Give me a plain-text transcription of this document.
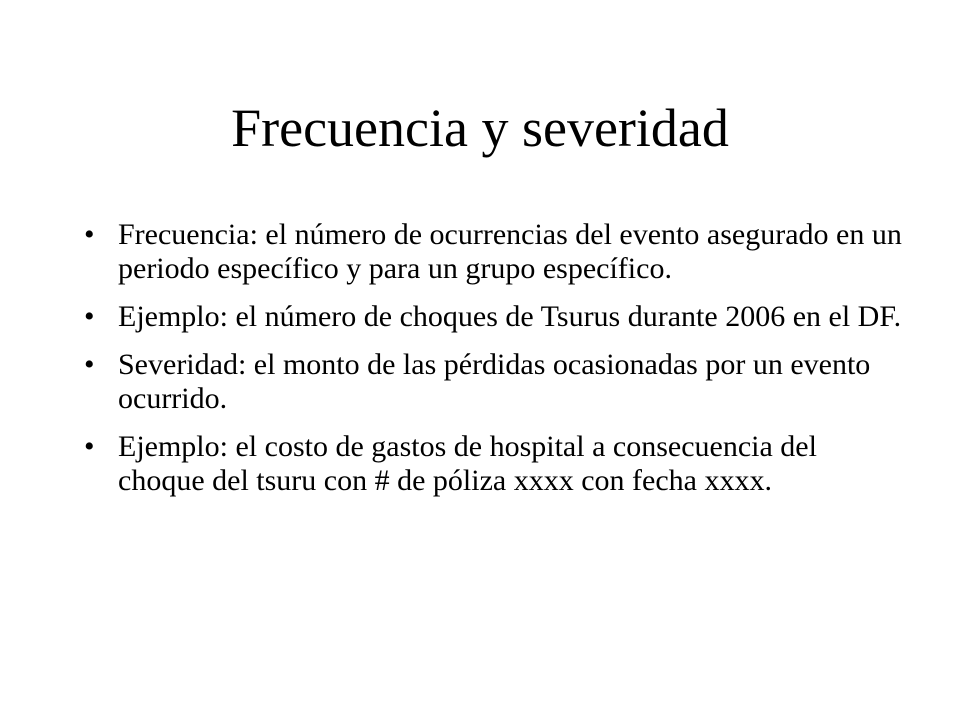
Frecuencia y severidad
• Frecuencia: el número de ocurrencias del evento asegurado en un periodo específico y para un grupo específico.
• Ejemplo: el número de choques de Tsurus durante 2006 en el DF.
• Severidad: el monto de las pérdidas ocasionadas por un evento ocurrido.
• Ejemplo: el costo de gastos de hospital a consecuencia del choque del tsuru con # de póliza xxxx con fecha xxxx.
